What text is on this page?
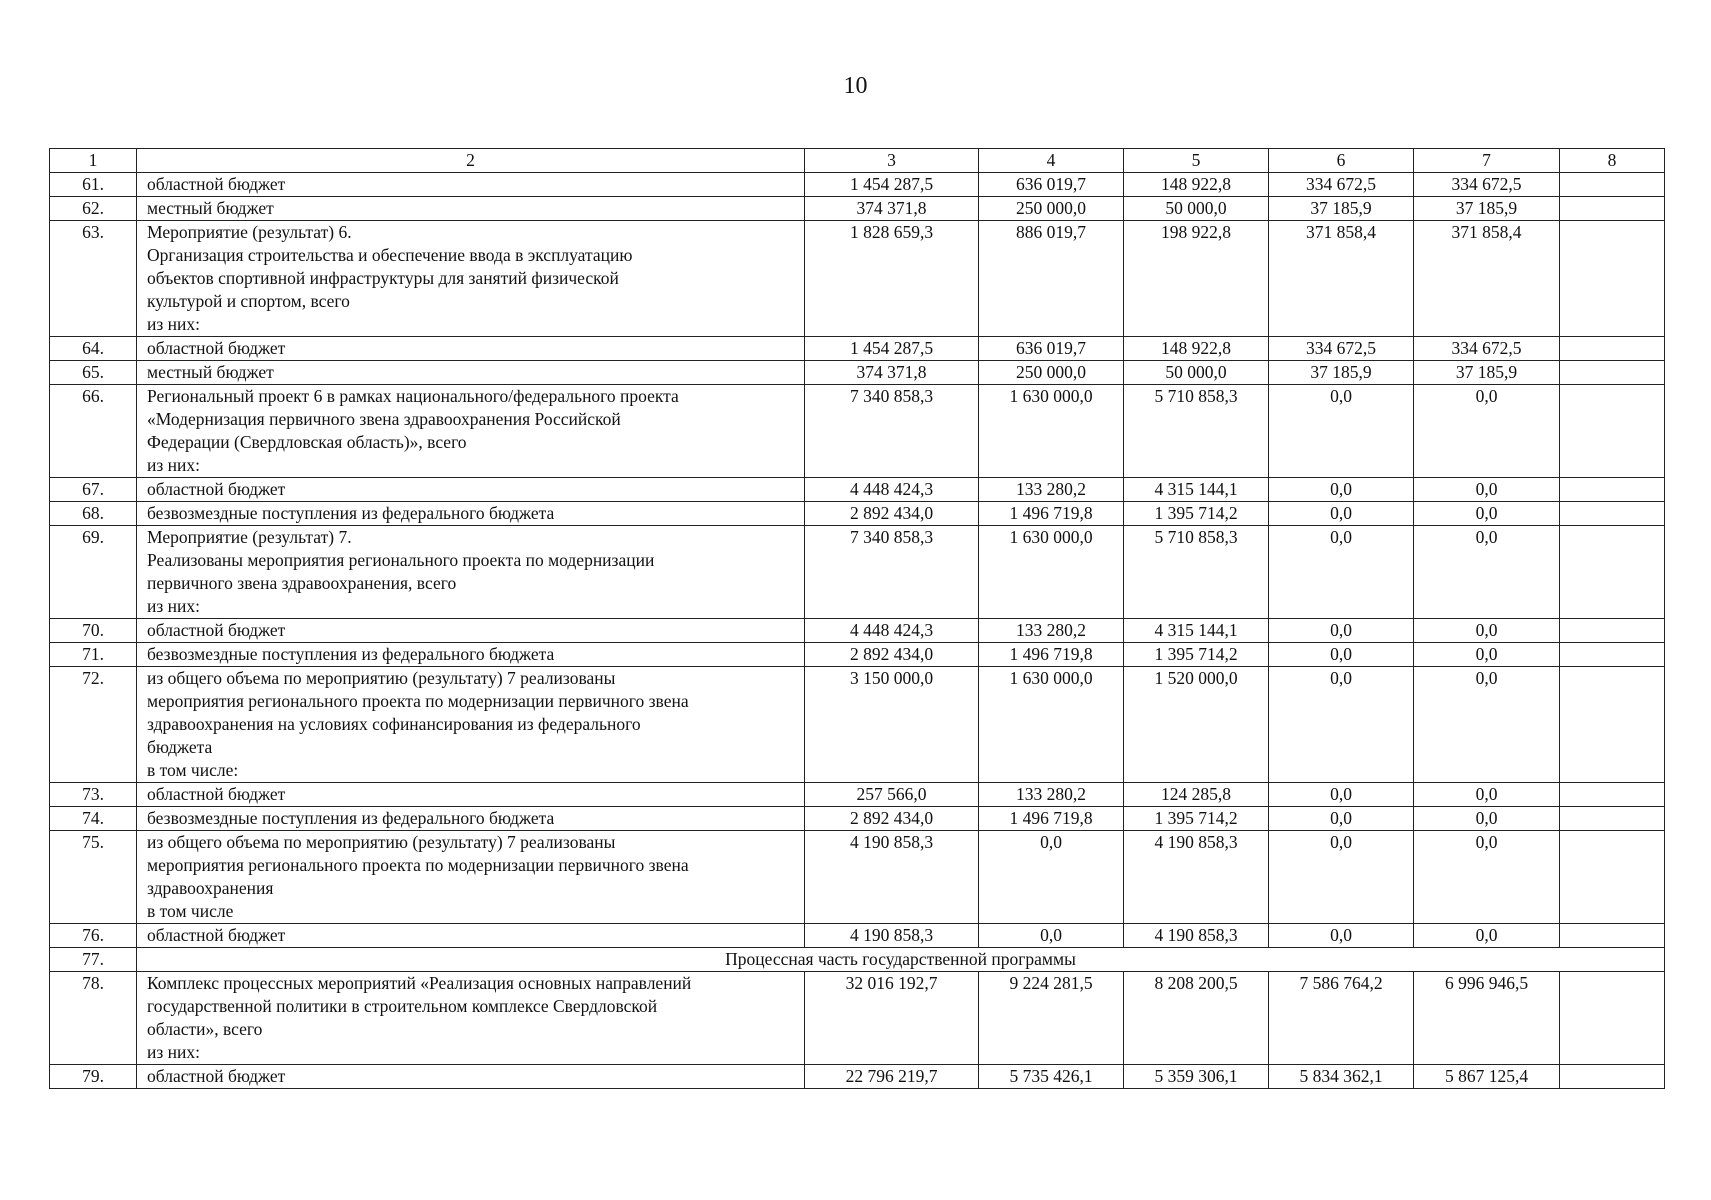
10
1	2	3	4	5	6	7	8
61.	областной бюджет	1 454 287,5	636 019,7	148 922,8	334 672,5	334 672,5	
62.	местный бюджет	374 371,8	250 000,0	50 000,0	37 185,9	37 185,9	
63.	Мероприятие (результат) 6.
Организация строительства и обеспечение ввода в эксплуатацию
объектов спортивной инфраструктуры для занятий физической
культурой и спортом, всего
из них:	1 828 659,3	886 019,7	198 922,8	371 858,4	371 858,4	
64.	областной бюджет	1 454 287,5	636 019,7	148 922,8	334 672,5	334 672,5	
65.	местный бюджет	374 371,8	250 000,0	50 000,0	37 185,9	37 185,9	
66.	Региональный проект 6 в рамках национального/федерального проекта
«Модернизация первичного звена здравоохранения Российской
Федерации (Свердловская область)», всего
из них:	7 340 858,3	1 630 000,0	5 710 858,3	0,0	0,0	
67.	областной бюджет	4 448 424,3	133 280,2	4 315 144,1	0,0	0,0	
68.	безвозмездные поступления из федерального бюджета	2 892 434,0	1 496 719,8	1 395 714,2	0,0	0,0	
69.	Мероприятие (результат) 7.
Реализованы мероприятия регионального проекта по модернизации
первичного звена здравоохранения, всего
из них:	7 340 858,3	1 630 000,0	5 710 858,3	0,0	0,0	
70.	областной бюджет	4 448 424,3	133 280,2	4 315 144,1	0,0	0,0	
71.	безвозмездные поступления из федерального бюджета	2 892 434,0	1 496 719,8	1 395 714,2	0,0	0,0	
72.	из общего объема по мероприятию (результату) 7 реализованы
мероприятия регионального проекта по модернизации первичного звена
здравоохранения на условиях софинансирования из федерального
бюджета
в том числе:	3 150 000,0	1 630 000,0	1 520 000,0	0,0	0,0	
73.	областной бюджет	257 566,0	133 280,2	124 285,8	0,0	0,0	
74.	безвозмездные поступления из федерального бюджета	2 892 434,0	1 496 719,8	1 395 714,2	0,0	0,0	
75.	из общего объема по мероприятию (результату) 7 реализованы
мероприятия регионального проекта по модернизации первичного звена
здравоохранения
в том числе	4 190 858,3	0,0	4 190 858,3	0,0	0,0	
76.	областной бюджет	4 190 858,3	0,0	4 190 858,3	0,0	0,0	
77.	Процессная часть государственной программы						
78.	Комплекс процессных мероприятий «Реализация основных направлений
государственной политики в строительном комплексе Свердловской
области», всего
из них:	32 016 192,7	9 224 281,5	8 208 200,5	7 586 764,2	6 996 946,5	
79.	областной бюджет	22 796 219,7	5 735 426,1	5 359 306,1	5 834 362,1	5 867 125,4	
